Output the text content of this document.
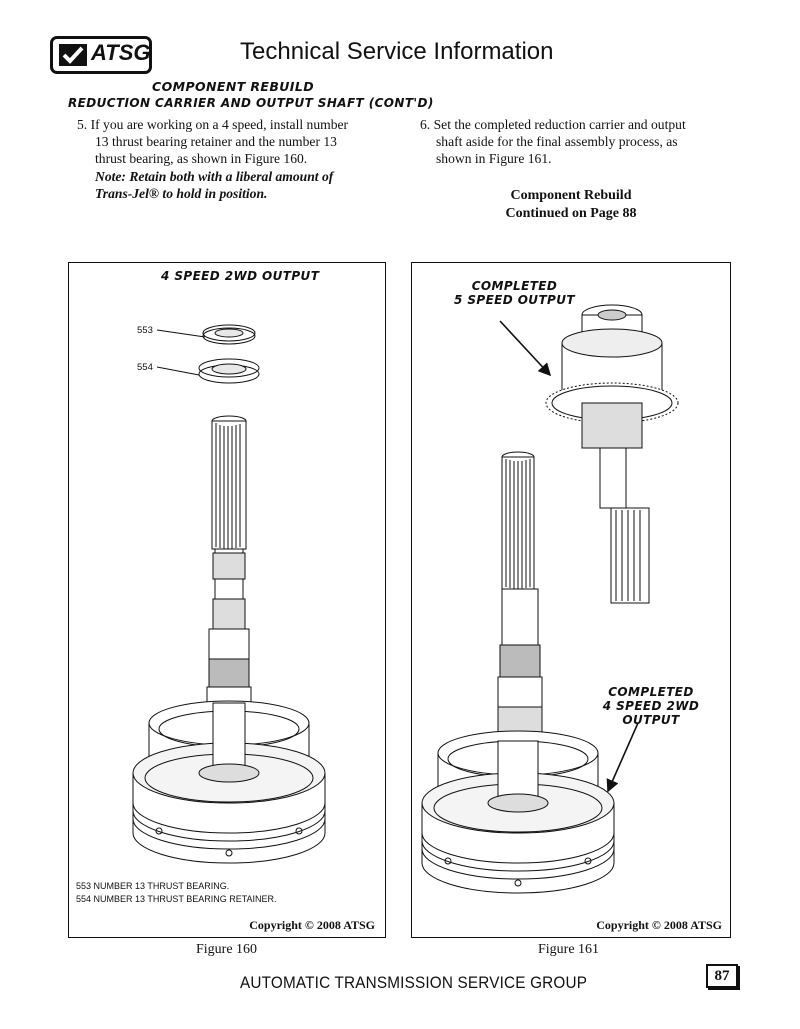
ATSG	Technical Service Information
COMPONENT REBUILD
REDUCTION CARRIER AND OUTPUT SHAFT (CONT'D)
5. If you are working on a 4 speed, install number
13 thrust bearing retainer and the number 13
thrust bearing, as shown in Figure 160.
Note: Retain both with a liberal amount of
Trans-Jel® to hold in position.
6. Set the completed reduction carrier and output
shaft aside for the final assembly process, as
shown in Figure 161.
Component Rebuild
Continued on Page 88
553
554
4 SPEED 2WD OUTPUT
553 NUMBER 13 THRUST BEARING.
554 NUMBER 13 THRUST BEARING RETAINER.
Copyright © 2008 ATSG
Figure 160
COMPLETED
5 SPEED OUTPUT
COMPLETED
4 SPEED 2WD OUTPUT
Copyright © 2008 ATSG
Figure 161
AUTOMATIC TRANSMISSION SERVICE GROUP	87
